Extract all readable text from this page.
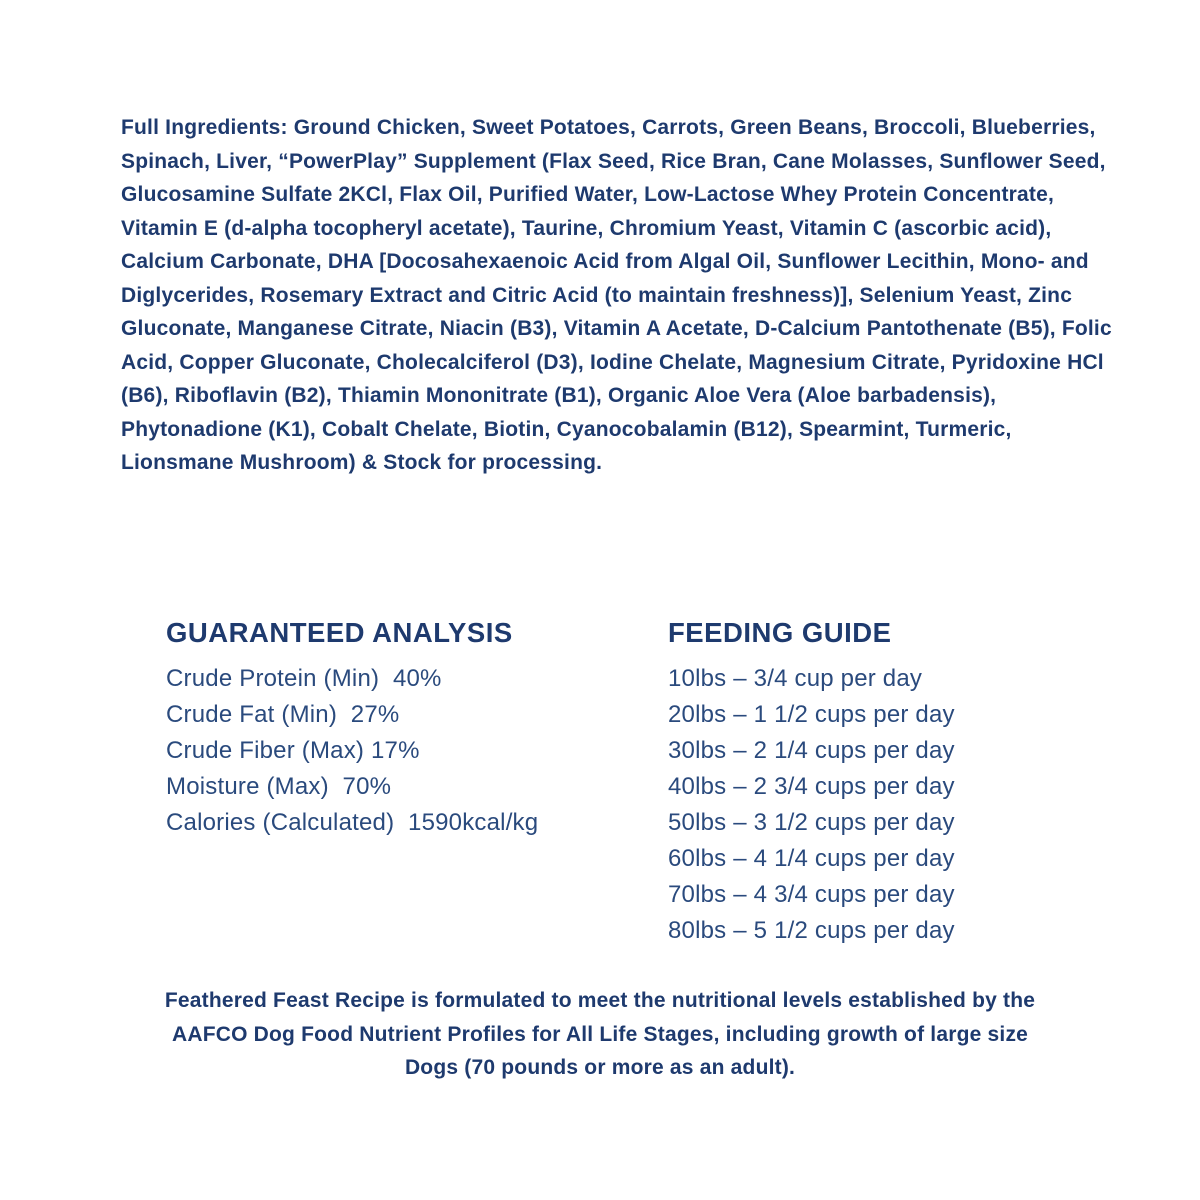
Full Ingredients: Ground Chicken, Sweet Potatoes, Carrots, Green Beans, Broccoli, Blueberries, Spinach, Liver, “PowerPlay” Supplement (Flax Seed, Rice Bran, Cane Molasses, Sunflower Seed, Glucosamine Sulfate 2KCl, Flax Oil, Purified Water, Low-Lactose Whey Protein Concentrate, Vitamin E (d-alpha tocopheryl acetate), Taurine, Chromium Yeast, Vitamin C (ascorbic acid), Calcium Carbonate, DHA [Docosahexaenoic Acid from Algal Oil, Sunflower Lecithin, Mono- and Diglycerides, Rosemary Extract and Citric Acid (to maintain freshness)], Selenium Yeast, Zinc Gluconate, Manganese Citrate, Niacin (B3), Vitamin A Acetate, D-Calcium Pantothenate (B5), Folic Acid, Copper Gluconate, Cholecalciferol (D3), Iodine Chelate, Magnesium Citrate, Pyridoxine HCl (B6), Riboflavin (B2), Thiamin Mononitrate (B1), Organic Aloe Vera (Aloe barbadensis), Phytonadione (K1), Cobalt Chelate, Biotin, Cyanocobalamin (B12), Spearmint, Turmeric, Lionsmane Mushroom) & Stock for processing.

GUARANTEED ANALYSIS
Crude Protein (Min)  40%
Crude Fat (Min)  27%
Crude Fiber (Max) 17%
Moisture (Max)  70%
Calories (Calculated)  1590kcal/kg
FEEDING GUIDE
10lbs – 3/4 cup per day
20lbs – 1 1/2 cups per day
30lbs – 2 1/4 cups per day
40lbs – 2 3/4 cups per day
50lbs – 3 1/2 cups per day
60lbs – 4 1/4 cups per day
70lbs – 4 3/4 cups per day
80lbs – 5 1/2 cups per day

Feathered Feast Recipe is formulated to meet the nutritional levels established by the AAFCO Dog Food Nutrient Profiles for All Life Stages, including growth of large size Dogs (70 pounds or more as an adult).
